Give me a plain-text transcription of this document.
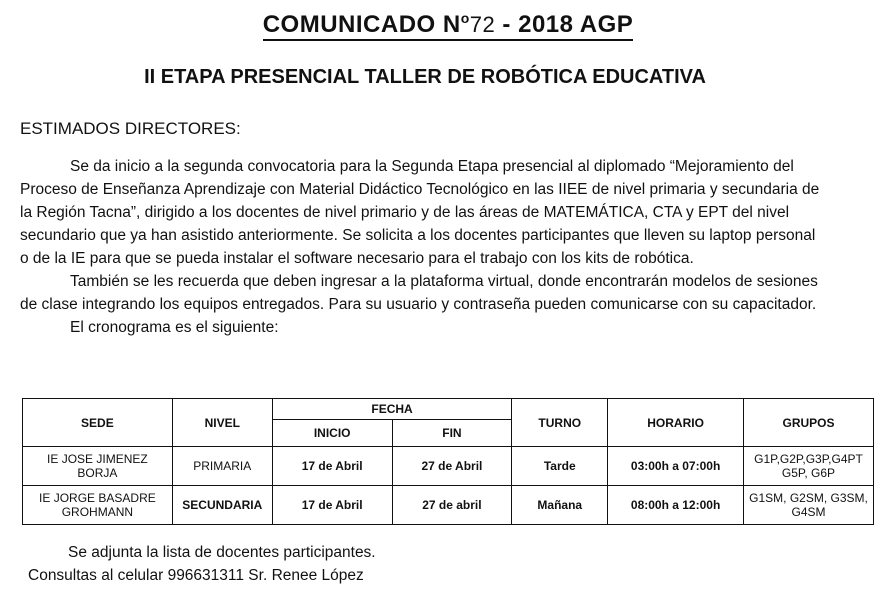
COMUNICADO $N^o72 - 2018$ AGP
II ETAPA PRESENCIAL TALLER DE ROBÓTICA EDUCATIVA
ESTIMADOS DIRECTORES:

Se da inicio a la segunda convocatoria para la Segunda Etapa presencial al diplomado “Mejoramiento del Proceso de Enseñanza Aprendizaje con Material Didáctico Tecnológico en las IIEE de nivel primaria y secundaria de la Región Tacna”, dirigido a los docentes de nivel primario y de las áreas de MATEMÁTICA, CTA y EPT del nivel secundario que ya han asistido anteriormente. Se solicita a los docentes participantes que lleven su laptop personal o de la IE para que se pueda instalar el software necesario para el trabajo con los kits de robótica.

También se les recuerda que deben ingresar a la plataforma virtual, donde encontrarán modelos de sesiones de clase integrando los equipos entregados. Para su usuario y contraseña pueden comunicarse con su capacitador.

El cronograma es el siguiente:

SEDE	NIVEL	FECHA		TURNO	HORARIO	GRUPOS
		INICIO	FIN			
IE JOSE JIMENEZ BORJA	PRIMARIA	17 de Abril	27 de Abril	Tarde	03:00h a 07:00h	G1P,G2P,G3P,G4PT G5P, G6P
IE JORGE BASADRE GROHMANN	SECUNDARIA	17 de Abril	27 de abril	Mañana	08:00h a 12:00h	G1SM, G2SM, G3SM, G4SM
Se adjunta la lista de docentes participantes.
Consultas al celular 996631311 Sr. Renee López
